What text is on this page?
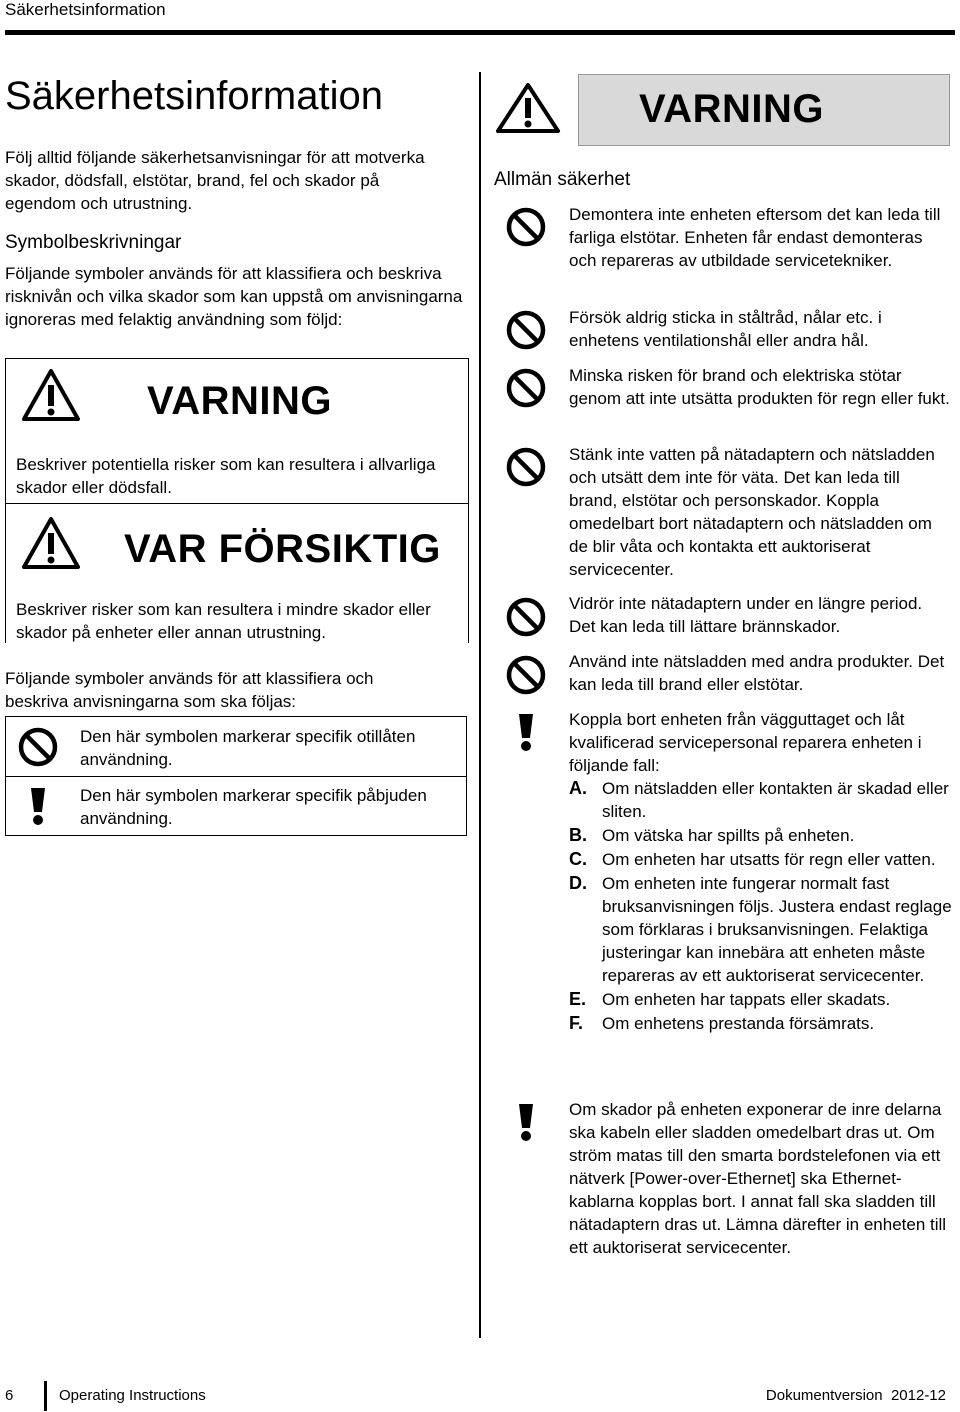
Säkerhetsinformation
Säkerhetsinformation
Följ alltid följande säkerhetsanvisningar för att motverka skador, dödsfall, elstötar, brand, fel och skador på egendom och utrustning.
Symbolbeskrivningar
Följande symboler används för att klassifiera och beskriva risknivån och vilka skador som kan uppstå om anvisningarna ignoreras med felaktig användning som följd:
VARNING
Beskriver potentiella risker som kan resultera i allvarliga skador eller dödsfall.
VAR FÖRSIKTIG
Beskriver risker som kan resultera i mindre skador eller skador på enheter eller annan utrustning.
Följande symboler används för att klassifiera och beskriva anvisningarna som ska följas:
Den här symbolen markerar specifik otillåten användning.
Den här symbolen markerar specifik påbjuden användning.
VARNING
Allmän säkerhet
Demontera inte enheten eftersom det kan leda till farliga elstötar. Enheten får endast demonteras och repareras av utbildade servicetekniker.
Försök aldrig sticka in ståltråd, nålar etc. i enhetens ventilationshål eller andra hål.
Minska risken för brand och elektriska stötar genom att inte utsätta produkten för regn eller fukt.
Stänk inte vatten på nätadaptern och nätsladden och utsätt dem inte för väta. Det kan leda till brand, elstötar och personskador. Koppla omedelbart bort nätadaptern och nätsladden om de blir våta och kontakta ett auktoriserat servicecenter.
Vidrör inte nätadaptern under en längre period. Det kan leda till lättare brännskador.
Använd inte nätsladden med andra produkter. Det kan leda till brand eller elstötar.
Koppla bort enheten från vägguttaget och låt kvalificerad servicepersonal reparera enheten i följande fall:
A. Om nätsladden eller kontakten är skadad eller sliten.
B. Om vätska har spillts på enheten.
C. Om enheten har utsatts för regn eller vatten.
D. Om enheten inte fungerar normalt fast bruksanvisningen följs. Justera endast reglage som förklaras i bruksanvisningen. Felaktiga justeringar kan innebära att enheten måste repareras av ett auktoriserat servicecenter.
E. Om enheten har tappats eller skadats.
F. Om enhetens prestanda försämrats.
Om skador på enheten exponerar de inre delarna ska kabeln eller sladden omedelbart dras ut. Om ström matas till den smarta bordstelefonen via ett nätverk [Power-over-Ethernet] ska Ethernet-kablarna kopplas bort. I annat fall ska sladden till nätadaptern dras ut. Lämna därefter in enheten till ett auktoriserat servicecenter.
6	Operating Instructions	Dokumentversion  2012-12
